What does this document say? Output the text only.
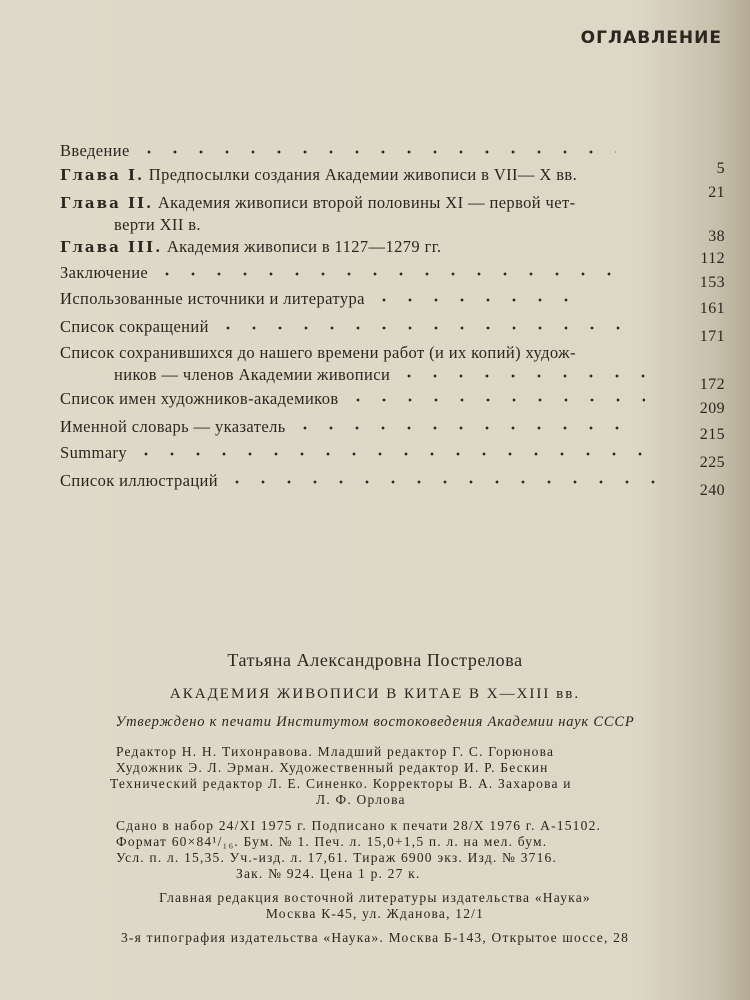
ОГЛАВЛЕНИЕ
Введение
5
Глава I. Предпосылки создания Академии живописи в VII— X вв.
21
Глава II. Академия живописи второй половины XI — первой чет-
верти XII в.
38
Глава III. Академия живописи в 1127—1279 гг.
112
Заключение
153
Использованные источники и литература
161
Список сокращений
171
Список сохранившихся до нашего времени работ (и их копий) худож-
ников — членов Академии живописи
172
Список имен художников-академиков
209
Именной словарь — указатель	215
Summary
225
Список иллюстраций
240
Татьяна Александровна Пострелова
АКАДЕМИЯ ЖИВОПИСИ В КИТАЕ В X—XIII вв.
Утверждено к печати Институтом востоковедения Академии наук СССР
Редактор Н. Н. Тихонравова. Младший редактор Г. С. Горюнова
Художник Э. Л. Эрман. Художественный редактор И. Р. Бескин
Технический редактор Л. Е. Синенко. Корректоры В. А. Захарова и
Л. Ф. Орлова
Сдано в набор 24/XI 1975 г. Подписано к печати 28/X 1976 г. А-15102.
Формат 60×84¹/₁₆. Бум. № 1. Печ. л. 15,0+1,5 п. л. на мел. бум.
Усл. п. л. 15,35. Уч.-изд. л. 17,61. Тираж 6900 экз. Изд. № 3716.
Зак. № 924. Цена 1 р. 27 к.
Главная редакция восточной литературы издательства «Наука»
Москва К-45, ул. Жданова, 12/1
3-я типография издательства «Наука». Москва Б-143, Открытое шоссе, 28
